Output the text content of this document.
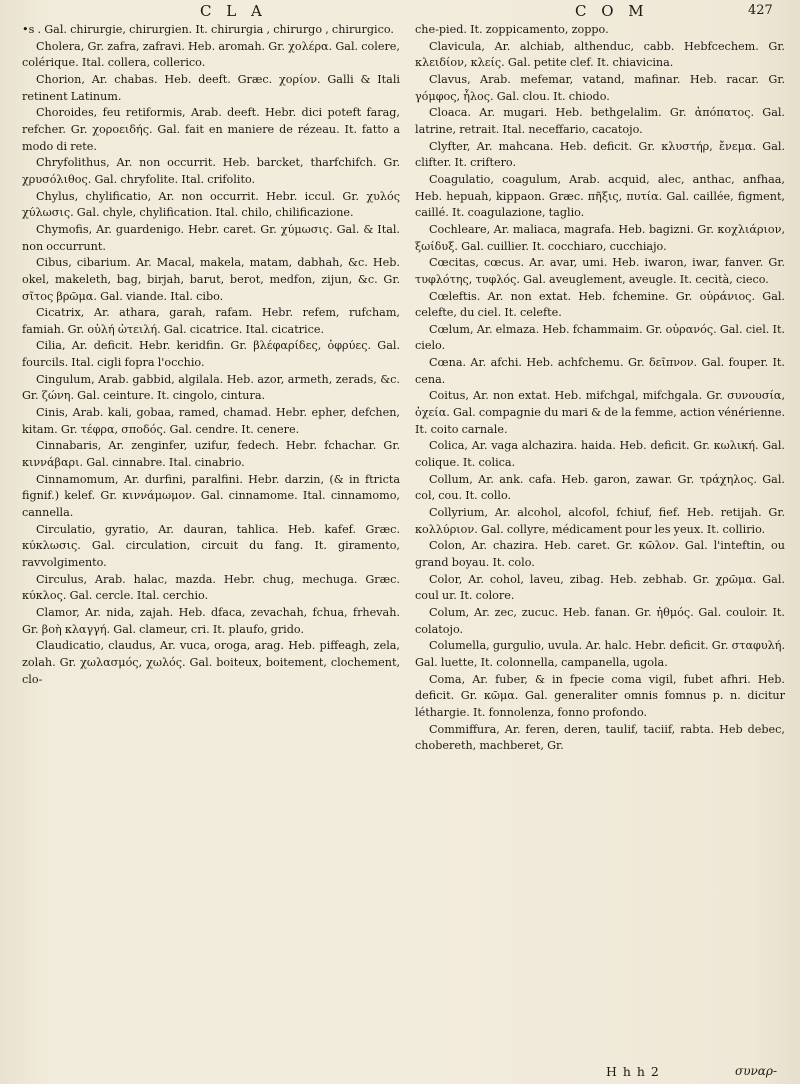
C L A	C O M	427

•s . Gal. chirurgie, chirurgien. It. chirurgia , chirurgo , chirurgico.

Cholera, Gr. zafra, zafravi. Heb. aromah. Gr. χολέρα. Gal. colere, colérique. Ital. collera, collerico.

Chorion, Ar. chabas. Heb. deeft. Græc. χορίον. Galli & Itali retinent Latinum.

Choroides, feu retiformis, Arab. deeft. Hebr. dici poteft farag, refcher. Gr. χοροειδής. Gal. fait en maniere de rézeau. It. fatto a modo di rete.

Chryfolithus, Ar. non occurrit. Heb. barcket, tharfchifch. Gr. χρυσόλιθος. Gal. chryfolite. Ital. crifolito.

Chylus, chylificatio, Ar. non occurrit. Hebr. iccul. Gr. χυλός χύλωσις. Gal. chyle, chylification. Ital. chilo, chilificazione.

Chymofis, Ar. guardenigo. Hebr. caret. Gr. χύμωσις. Gal. & Ital. non occurrunt.

Cibus, cibarium. Ar. Macal, makela, matam, dabhah, &c. Heb. okel, makeleth, bag, birjah, barut, berot, medfon, zijun, &c. Gr. σῖτος βρῶμα. Gal. viande. Ital. cibo.

Cicatrix, Ar. athara, garah, rafam. Hebr. refem, rufcham, famiah. Gr. οὐλή ὠτειλή. Gal. cicatrice. Ital. cicatrice.

Cilia, Ar. deficit. Hebr. keridfin. Gr. βλέφαρίδες, ὀφρύες. Gal. fourcils. Ital. cigli fopra l'occhio.

Cingulum, Arab. gabbid, algilala. Heb. azor, armeth, zerads, &c. Gr. ζώνη. Gal. ceinture. It. cingolo, cintura.

Cinis, Arab. kali, gobaa, ramed, chamad. Hebr. epher, defchen, kitam. Gr. τέφρα, σποδός. Gal. cendre. It. cenere.

Cinnabaris, Ar. zenginfer, uzifur, fedech. Hebr. fchachar. Gr. κιννάβαρι. Gal. cinnabre. Ital. cinabrio.

Cinnamomum, Ar. durfini, paralfini. Hebr. darzin, (& in ftricta fignif.) kelef. Gr. κιννάμωμον. Gal. cinnamome. Ital. cinnamomo, cannella.

Circulatio, gyratio, Ar. dauran, tahlica. Heb. kafef. Græc. κύκλωσις. Gal. circulation, circuit du fang. It. giramento, ravvolgimento.

Circulus, Arab. halac, mazda. Hebr. chug, mechuga. Græc. κύκλος. Gal. cercle. Ital. cerchio.

Clamor, Ar. nida, zajah. Heb. dfaca, zevachah, fchua, frhevah. Gr. βοὴ κλαγγή. Gal. clameur, cri. It. plaufo, grido.

Claudicatio, claudus, Ar. vuca, oroga, arag. Heb. piffeagh, zela, zolah. Gr. χωλασμός, χωλός. Gal. boiteux, boitement, clochement, clo-

che-pied. It. zoppicamento, zoppo.

Clavicula, Ar. alchiab, althenduc, cabb. Hebfcechem. Gr. κλειδίον, κλείς. Gal. petite clef. It. chiavicina.

Clavus, Arab. mefemar, vatand, mafinar. Heb. racar. Gr. γόμφος, ἧλος. Gal. clou. It. chiodo.

Cloaca. Ar. mugari. Heb. bethgelalim. Gr. ἀπόπατος. Gal. latrine, retrait. Ital. neceffario, cacatojo.

Clyfter, Ar. mahcana. Heb. deficit. Gr. κλυστήρ, ἔνεμα. Gal. clifter. It. criftero.

Coagulatio, coagulum, Arab. acquid, alec, anthac, anfhaa, Heb. hepuah, kippaon. Græc. πῆξις, πυτία. Gal. caillée, figment, caillé. It. coagulazione, taglio.

Cochleare, Ar. maliaca, magrafa. Heb. bagizni. Gr. κοχλιάριον, ξωίδυξ. Gal. cuillier. It. cocchiaro, cucchiajo.

Cœcitas, cœcus. Ar. avar, umi. Heb. iwaron, iwar, fanver. Gr. τυφλότης, τυφλός. Gal. aveuglement, aveugle. It. cecità, cieco.

Cœleftis. Ar. non extat. Heb. fchemine. Gr. οὐράνιος. Gal. celefte, du ciel. It. celefte.

Cœlum, Ar. elmaza. Heb. fchammaim. Gr. οὐρανός. Gal. ciel. It. cielo.

Cœna. Ar. afchi. Heb. achfchemu. Gr. δεῖπνον. Gal. fouper. It. cena.

Coitus, Ar. non extat. Heb. mifchgal, mifchgala. Gr. συνουσία, ὀχεία. Gal. compagnie du mari & de la femme, action vénérienne. It. coito carnale.

Colica, Ar. vaga alchazira. haida. Heb. deficit. Gr. κωλική. Gal. colique. It. colica.

Collum, Ar. ank. cafa. Heb. garon, zawar. Gr. τράχηλος. Gal. col, cou. It. collo.

Collyrium, Ar. alcohol, alcofol, fchiuf, fief. Heb. retijah. Gr. κολλύριον. Gal. collyre, médicament pour les yeux. It. collirio.

Colon, Ar. chazira. Heb. caret. Gr. κῶλον. Gal. l'inteftin, ou grand boyau. It. colo.

Color, Ar. cohol, laveu, zibag. Heb. zebhab. Gr. χρῶμα. Gal. coul ur. It. colore.

Colum, Ar. zec, zucuc. Heb. fanan. Gr. ἠθμός. Gal. couloir. It. colatojo.

Columella, gurgulio, uvula. Ar. halc. Hebr. deficit. Gr. σταφυλή. Gal. luette, It. colonnella, campanella, ugola.

Coma, Ar. fuber, & in fpecie coma vigil, fubet afhri. Heb. deficit. Gr. κῶμα. Gal. generaliter omnis fomnus p. n. dicitur léthargie. It. fonnolenza, fonno profondo.

Commiffura, Ar. feren, deren, taulif, taciif, rabta. Heb debec, chobereth, machberet, Gr.

H h h 2	συναρ-
